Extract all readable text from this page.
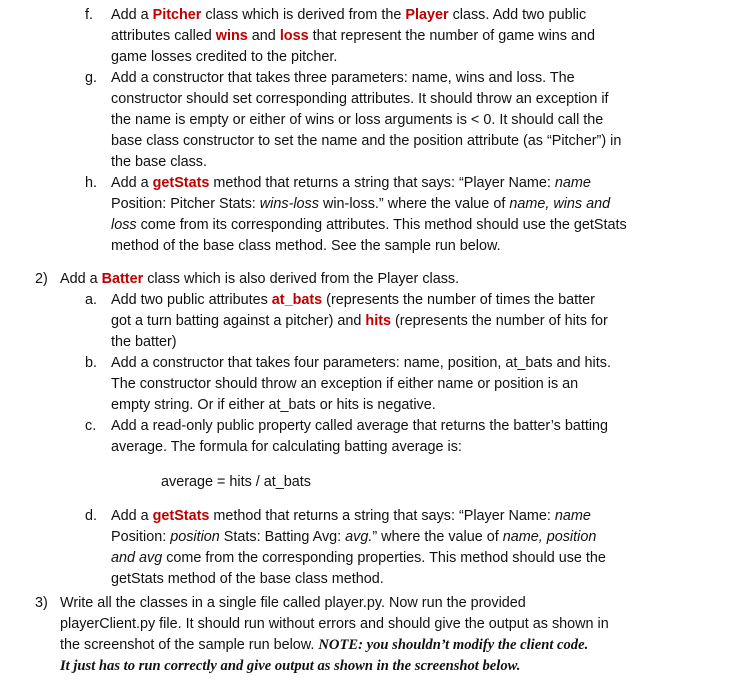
f. Add a Pitcher class which is derived from the Player class. Add two public
attributes called wins and loss that represent the number of game wins and
game losses credited to the pitcher.
g. Add a constructor that takes three parameters: name, wins and loss. The
constructor should set corresponding attributes. It should throw an exception if
the name is empty or either of wins or loss arguments is < 0. It should call the
base class constructor to set the name and the position attribute (as “Pitcher”) in
the base class.
h. Add a getStats method that returns a string that says: “Player Name: name
Position: Pitcher Stats: wins-loss win-loss.” where the value of name, wins and
loss come from its corresponding attributes. This method should use the getStats
method of the base class method. See the sample run below.
2) Add a Batter class which is also derived from the Player class.
a. Add two public attributes at_bats (represents the number of times the batter
got a turn batting against a pitcher) and hits (represents the number of hits for
the batter)
b. Add a constructor that takes four parameters: name, position, at_bats and hits.
The constructor should throw an exception if either name or position is an
empty string. Or if either at_bats or hits is negative.
c. Add a read-only public property called average that returns the batter’s batting
average. The formula for calculating batting average is:
average = hits / at_bats
d. Add a getStats method that returns a string that says: “Player Name: name
Position: position Stats: Batting Avg: avg.” where the value of name, position
and avg come from the corresponding properties. This method should use the
getStats method of the base class method.
3) Write all the classes in a single file called player.py. Now run the provided
playerClient.py file. It should run without errors and should give the output as shown in
the screenshot of the sample run below. NOTE: you shouldn’t modify the client code.
It just has to run correctly and give output as shown in the screenshot below.
